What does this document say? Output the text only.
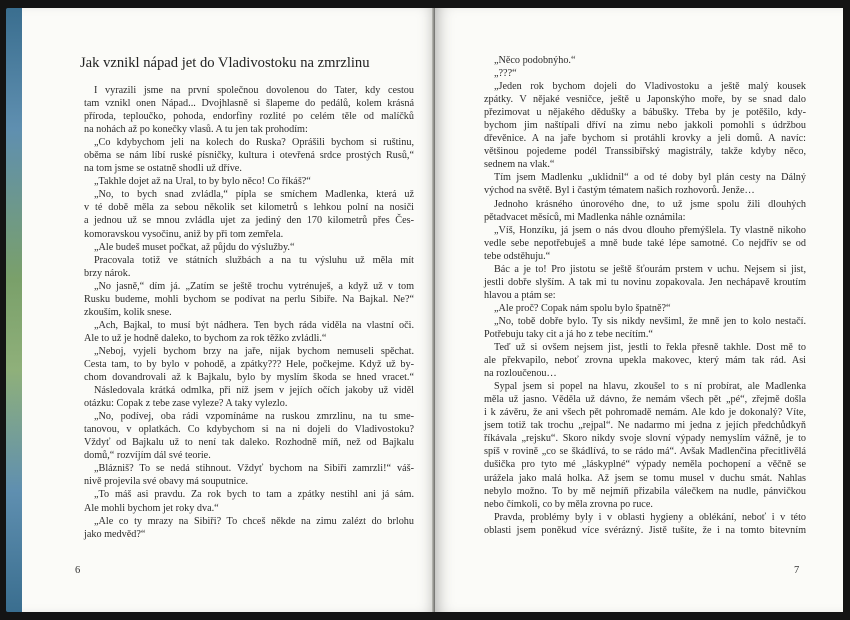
Jak vznikl nápad jet do Vladivostoku na zmrzlinu
I vyrazili jsme na první společnou dovolenou do Tater, kdy cestou
tam vznikl onen Nápad... Dvojhlasně si šlapeme do pedálů, kolem krásná
příroda, teploučko, pohoda, endorfiny rozlité po celém těle od malíčků
na nohách až po konečky vlasů. A tu jen tak prohodím:
„Co kdybychom jeli na kolech do Ruska? Oprášili bychom si ruštinu,
oběma se nám líbí ruské písničky, kultura i otevřená srdce prostých Rusů,“
na tom jsme se ostatně shodli už dříve.
„Takhle dojet až na Ural, to by bylo něco! Co říkáš?“
„No, to bych snad zvládla,“ pípla se smíchem Madlenka, která už
v té době měla za sebou několik set kilometrů s lehkou polní na nosiči
a jednou už se mnou zvládla ujet za jediný den 170 kilometrů přes Čes-
komoravskou vysočinu, aniž by při tom zemřela.
„Ale budeš muset počkat, až půjdu do výslužby.“
Pracovala totiž ve státních službách a na tu výsluhu už měla mít
brzy nárok.
„No jasně,“ dím já. „Zatím se ještě trochu vytrénuješ, a když už v tom
Rusku budeme, mohli bychom se podívat na perlu Sibiře. Na Bajkal. Ne?“
zkouším, kolik snese.
„Ach, Bajkal, to musí být nádhera. Ten bych ráda viděla na vlastní oči.
Ale to už je hodně daleko, to bychom za rok těžko zvládli.“
„Neboj, vyjeli bychom brzy na jaře, nijak bychom nemuseli spěchat.
Cesta tam, to by bylo v pohodě, a zpátky??? Hele, počkejme. Když už by-
chom dovandrovali až k Bajkalu, bylo by myslím škoda se hned vracet.“
Následovala krátká odmlka, při níž jsem v jejích očích jakoby už viděl
otázku: Copak z tebe zase vyleze? A taky vylezlo.
„No, podívej, oba rádi vzpomínáme na ruskou zmrzlinu, na tu sme-
tanovou, v oplatkách. Co kdybychom si na ni dojeli do Vladivostoku?
Vždyť od Bajkalu už to není tak daleko. Rozhodně míň, než od Bajkalu
domů,“ rozvíjím dál své teorie.
„Blázniš? To se nedá stihnout. Vždyť bychom na Sibiři zamrzli!“ váš-
nivě projevila své obavy má souputnice.
„To máš asi pravdu. Za rok bych to tam a zpátky nestihl ani já sám.
Ale mohli bychom jet roky dva.“
„Ale co ty mrazy na Sibiři? To chceš někde na zimu zalézt do brlohu
jako medvěd?“
6
„Něco podobnýho.“
„???“
„Jeden rok bychom dojeli do Vladivostoku a ještě malý kousek
zpátky. V nějaké vesničce, ještě u Japonskýho moře, by se snad dalo
přezimovat u nějakého dědušky a bábušky. Třeba by je potěšilo, kdy-
bychom jim naštípali dříví na zimu nebo jakkoli pomohli s údržbou
dřevěnice. A na jaře bychom si protáhli krovky a jeli domů. A navíc:
většinou pojedeme podél Transsibiřský magistrály, takže kdyby něco,
sednem na vlak.“
Tím jsem Madlenku „uklidnil“ a od té doby byl plán cesty na Dálný
východ na světě. Byl i častým tématem našich rozhovorů. Jenže…
Jednoho krásného únorového dne, to už jsme spolu žili dlouhých
pětadvacet měsíců, mi Madlenka náhle oznámila:
„Víš, Honzíku, já jsem o nás dvou dlouho přemýšlela. Ty vlastně nikoho
vedle sebe nepotřebuješ a mně bude také lépe samotné. Co nejdřív se od
tebe odstěhuju.“
Bác a je to! Pro jistotu se ještě šťourám prstem v uchu. Nejsem si jist,
jestli dobře slyším. A tak mi tu novinu zopakovala. Jen nechápavě kroutím
hlavou a ptám se:
„Ale proč? Copak nám spolu bylo špatně?“
„No, tobě dobře bylo. Ty sis nikdy nevšiml, že mně jen to kolo nestačí.
Potřebuju taky cit a já ho z tebe necítím.“
Teď už si ovšem nejsem jist, jestli to řekla přesně takhle. Dost mě to
ale překvapilo, neboť zrovna upekla makovec, který mám tak rád. Asi
na rozloučenou…
Sypal jsem si popel na hlavu, zkoušel to s ní probírat, ale Madlenka
měla už jasno. Věděla už dávno, že nemám všech pět „pé“, zřejmě došla
i k závěru, že ani všech pět pohromadě nemám. Ale kdo je dokonalý? Víte,
jsem totiž tak trochu „rejpal“. Ne nadarmo mi jedna z jejích předchůdkyň
říkávala „rejsku“. Skoro nikdy svoje slovní výpady nemyslím vážně, je to
spíš v rovině „co se škádlívá, to se rádo má“. Avšak Madlenčina přecitlivělá
dušička pro tyto mé „láskyplné“ výpady neměla pochopení a věčně se
urážela jako malá holka. Až jsem se tomu musel v duchu smát. Nahlas
nebylo možno. To by mě nejmíň přizabila válečkem na nudle, pánvičkou
nebo čímkoli, co by měla zrovna po ruce.
Pravda, problémy byly i v oblasti hygieny a oblékání, neboť i v této
oblasti jsem poněkud více svérázný. Jistě tušíte, že i na tomto bitevním
7
